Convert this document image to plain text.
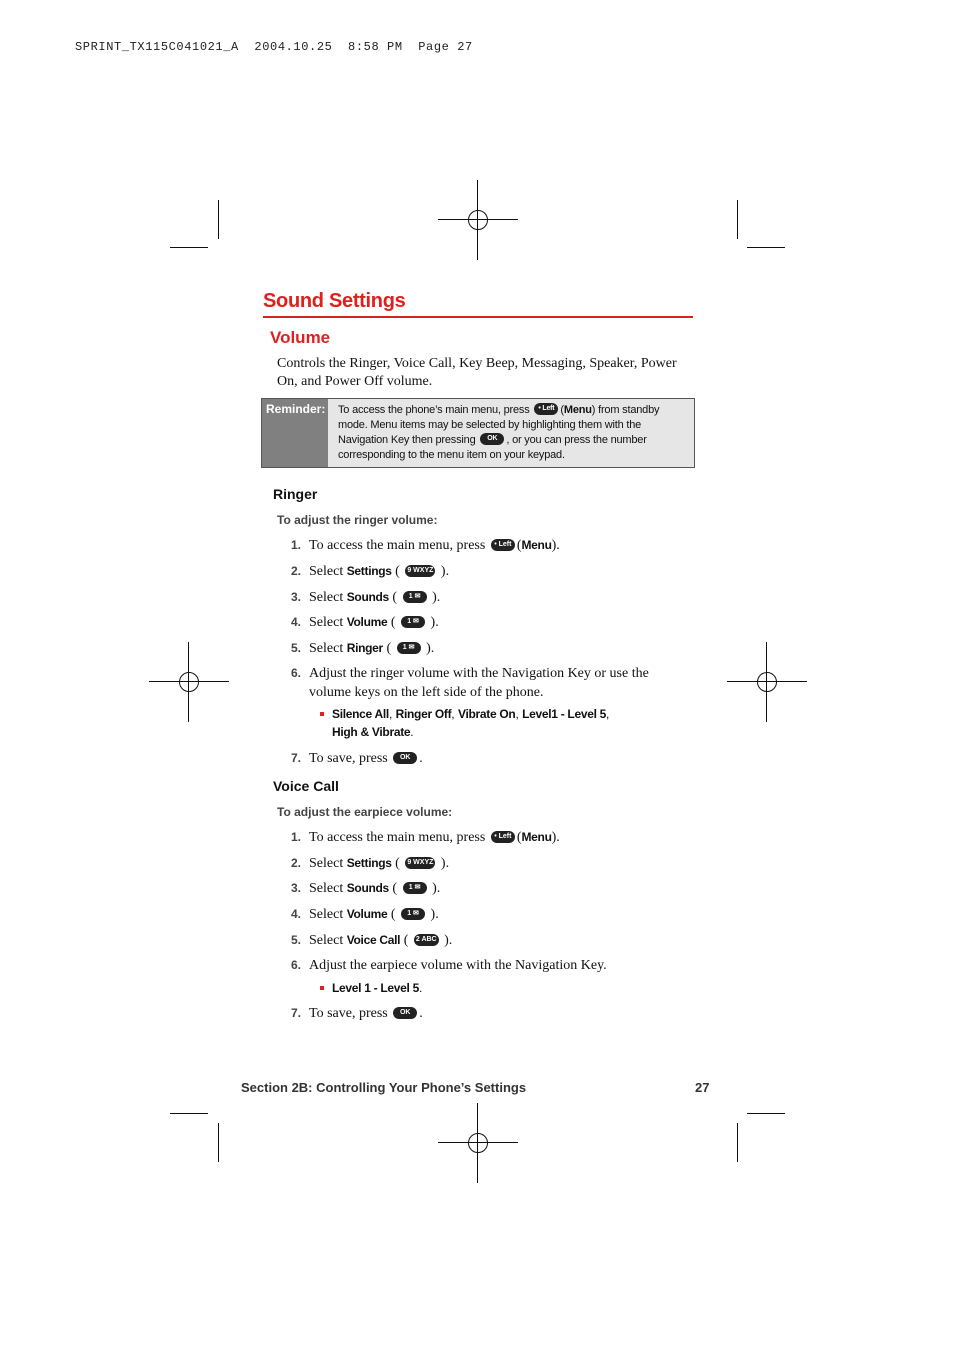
SPRINT_TX115C041021_A  2004.10.25  8:58 PM  Page 27
Sound Settings
Volume
Controls the Ringer, Voice Call, Key Beep, Messaging, Speaker, Power On, and Power Off volume.
Reminder: To access the phone’s main menu, press • Left (Menu) from standby mode. Menu items may be selected by highlighting them with the Navigation Key then pressing OK , or you can press the number corresponding to the menu item on your keypad.
Ringer
To adjust the ringer volume:
1. To access the main menu, press • Left (Menu).
2. Select Settings ( 9 WXYZ ).
3. Select Sounds ( 1 ✉ ).
4. Select Volume ( 1 ✉ ).
5. Select Ringer ( 1 ✉ ).
6. Adjust the ringer volume with the Navigation Key or use the volume keys on the left side of the phone.
Silence All, Ringer Off, Vibrate On, Level1 - Level 5,
High & Vibrate.
7. To save, press OK .
Voice Call
To adjust the earpiece volume:
1. To access the main menu, press • Left (Menu).
2. Select Settings ( 9 WXYZ ).
3. Select Sounds ( 1 ✉ ).
4. Select Volume ( 1 ✉ ).
5. Select Voice Call ( 2 ABC ).
6. Adjust the earpiece volume with the Navigation Key.
Level 1 - Level 5.
7. To save, press OK .
Section 2B: Controlling Your Phone’s Settings	27
